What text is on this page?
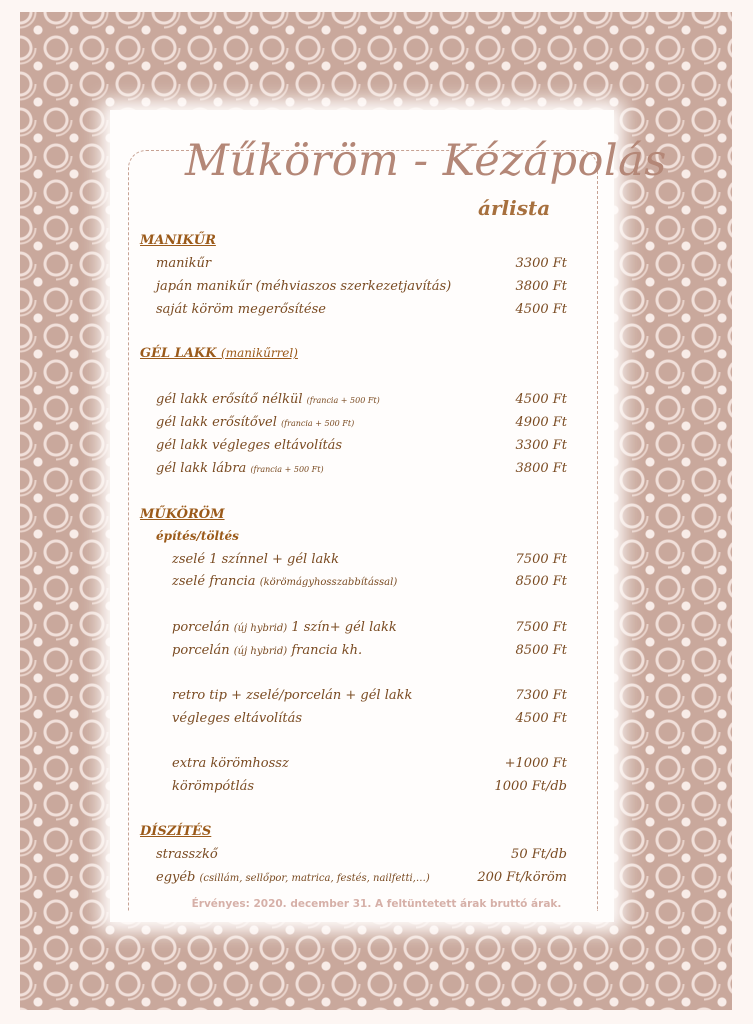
Műköröm - Kézápolás
árlista
MANIKŰR
manikűr	3300 Ft
japán manikűr (méhviaszos szerkezetjavítás)	3800 Ft
saját köröm megerősítése	4500 Ft
GÉL LAKK (manikűrrel)
gél lakk erősítő nélkül (francia + 500 Ft)	4500 Ft
gél lakk erősítővel (francia + 500 Ft)	4900 Ft
gél lakk végleges eltávolítás	3300 Ft
gél lakk lábra (francia + 500 Ft)	3800 Ft
MŰKÖRÖM
építés/töltés
zselé 1 színnel + gél lakk	7500 Ft
zselé francia (körömágyhosszabbítással)	8500 Ft
porcelán (új hybrid) 1 szín+ gél lakk	7500 Ft
porcelán (új hybrid) francia kh.	8500 Ft
retro tip + zselé/porcelán + gél lakk	7300 Ft
végleges eltávolítás	4500 Ft
extra körömhossz	+1000 Ft
körömpótlás	1000 Ft/db
DÍSZÍTÉS
strasszkő	50 Ft/db
egyéb (csillám, sellőpor, matrica, festés, nailfetti,…)	200 Ft/köröm
Érvényes: 2020. december 31. A feltüntetett árak bruttó árak.
